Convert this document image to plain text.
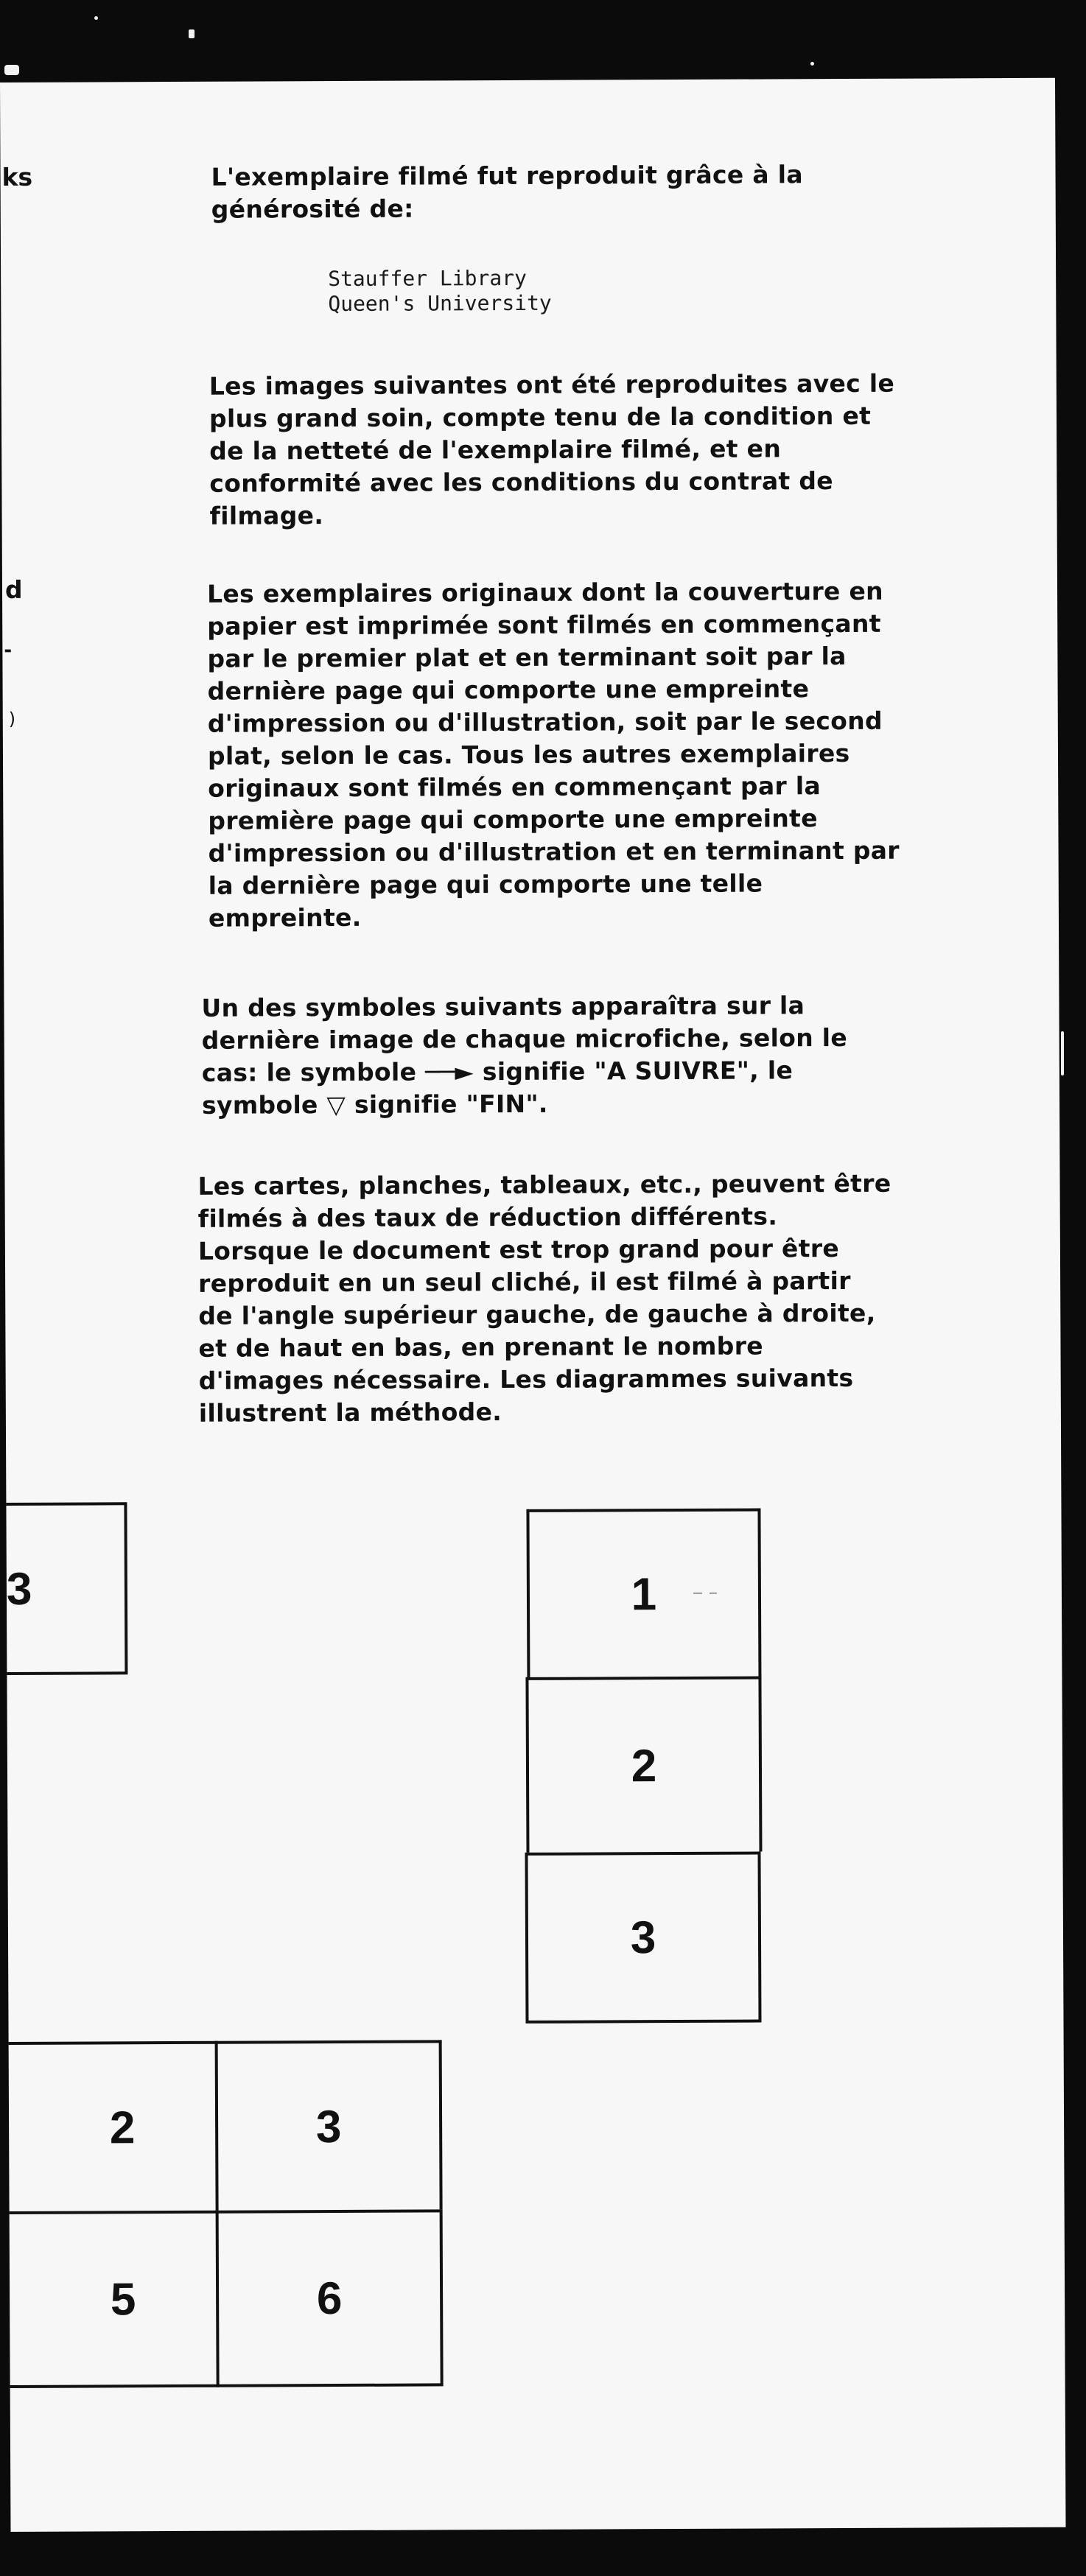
ks
d
-
)

L'exemplaire filmé fut reproduit grâce à la
générosité de:

Stauffer Library
Queen's University

Les images suivantes ont été reproduites avec le
plus grand soin, compte tenu de la condition et
de la netteté de l'exemplaire filmé, et en
conformité avec les conditions du contrat de
filmage.

Les exemplaires originaux dont la couverture en
papier est imprimée sont filmés en commençant
par le premier plat et en terminant soit par la
dernière page qui comporte une empreinte
d'impression ou d'illustration, soit par le second
plat, selon le cas. Tous les autres exemplaires
originaux sont filmés en commençant par la
première page qui comporte une empreinte
d'impression ou d'illustration et en terminant par
la dernière page qui comporte une telle
empreinte.

Un des symboles suivants apparaîtra sur la
dernière image de chaque microfiche, selon le
cas: le symbole ──► signifie "A SUIVRE", le
symbole ▽ signifie "FIN".

Les cartes, planches, tableaux, etc., peuvent être
filmés à des taux de réduction différents.
Lorsque le document est trop grand pour être
reproduit en un seul cliché, il est filmé à partir
de l'angle supérieur gauche, de gauche à droite,
et de haut en bas, en prenant le nombre
d'images nécessaire. Les diagrammes suivants
illustrent la méthode.

3	1
2
3
2	3
5	6
